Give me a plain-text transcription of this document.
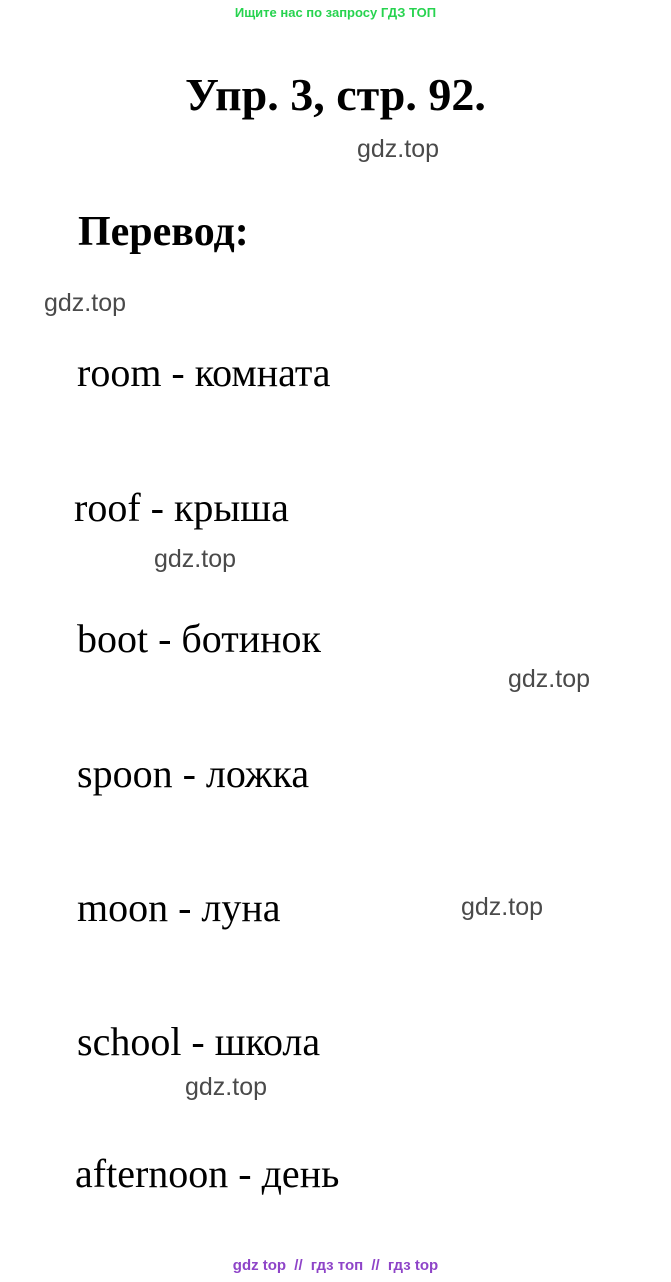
Ищите нас по запросу ГДЗ ТОП
Упр. 3, стр. 92.
gdz.top
Перевод:
gdz.top
room - комната
roof - крыша
gdz.top
boot - ботинок
gdz.top
spoon - ложка
moon - луна	gdz.top
school - школа
gdz.top
afternoon - день
gdz top // гдз топ // гдз top
